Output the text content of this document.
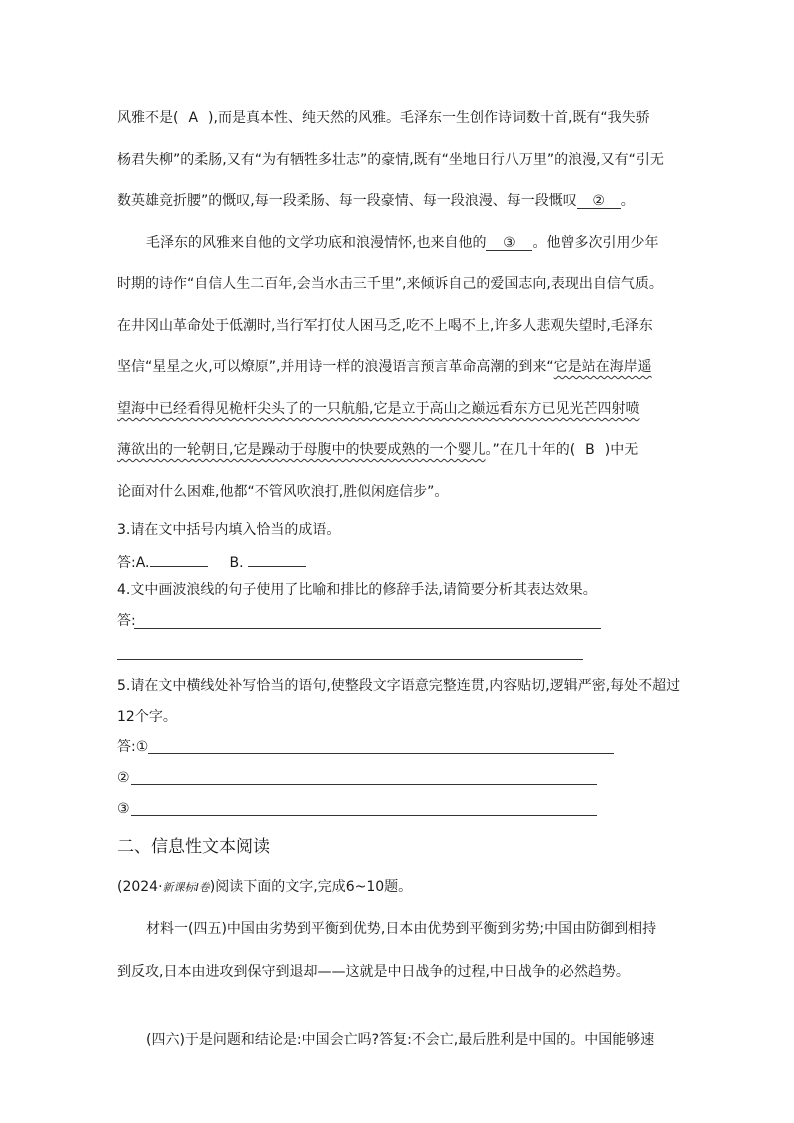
风雅不是( A ),而是真本性、纯天然的风雅。毛泽东一生创作诗词数十首,既有“我失骄
杨君失柳”的柔肠,又有“为有牺牲多壮志”的豪情,既有“坐地日行八万里”的浪漫,又有“引无
数英雄竞折腰”的慨叹,每一段柔肠、每一段豪情、每一段浪漫、每一段慨叹 ② 。
毛泽东的风雅来自他的文学功底和浪漫情怀,也来自他的 ③ 。他曾多次引用少年
时期的诗作“自信人生二百年,会当水击三千里”,来倾诉自己的爱国志向,表现出自信气质。
在井冈山革命处于低潮时,当行军打仗人困马乏,吃不上喝不上,许多人悲观失望时,毛泽东
坚信“星星之火,可以燎原”,并用诗一样的浪漫语言预言革命高潮的到来“它是站在海岸遥
望海中已经看得见桅杆尖头了的一只航船,它是立于高山之巅远看东方已见光芒四射喷
薄欲出的一轮朝日,它是躁动于母腹中的快要成熟的一个婴儿。”在几十年的( B )中无
论面对什么困难,他都“不管风吹浪打,胜似闲庭信步”。
3.请在文中括号内填入恰当的成语。
答:A.	B.
4.文中画波浪线的句子使用了比喻和排比的修辞手法,请简要分析其表达效果。
答:
5.请在文中横线处补写恰当的语句,使整段文字语意完整连贯,内容贴切,逻辑严密,每处不超过
12个字。
答:①
②
③
二、信息性文本阅读
(2024·新课标Ⅰ卷)阅读下面的文字,完成6~10题。
材料一(四五)中国由劣势到平衡到优势,日本由优势到平衡到劣势;中国由防御到相持
到反攻,日本由进攻到保守到退却——这就是中日战争的过程,中日战争的必然趋势。
(四六)于是问题和结论是:中国会亡吗?答复:不会亡,最后胜利是中国的。中国能够速
